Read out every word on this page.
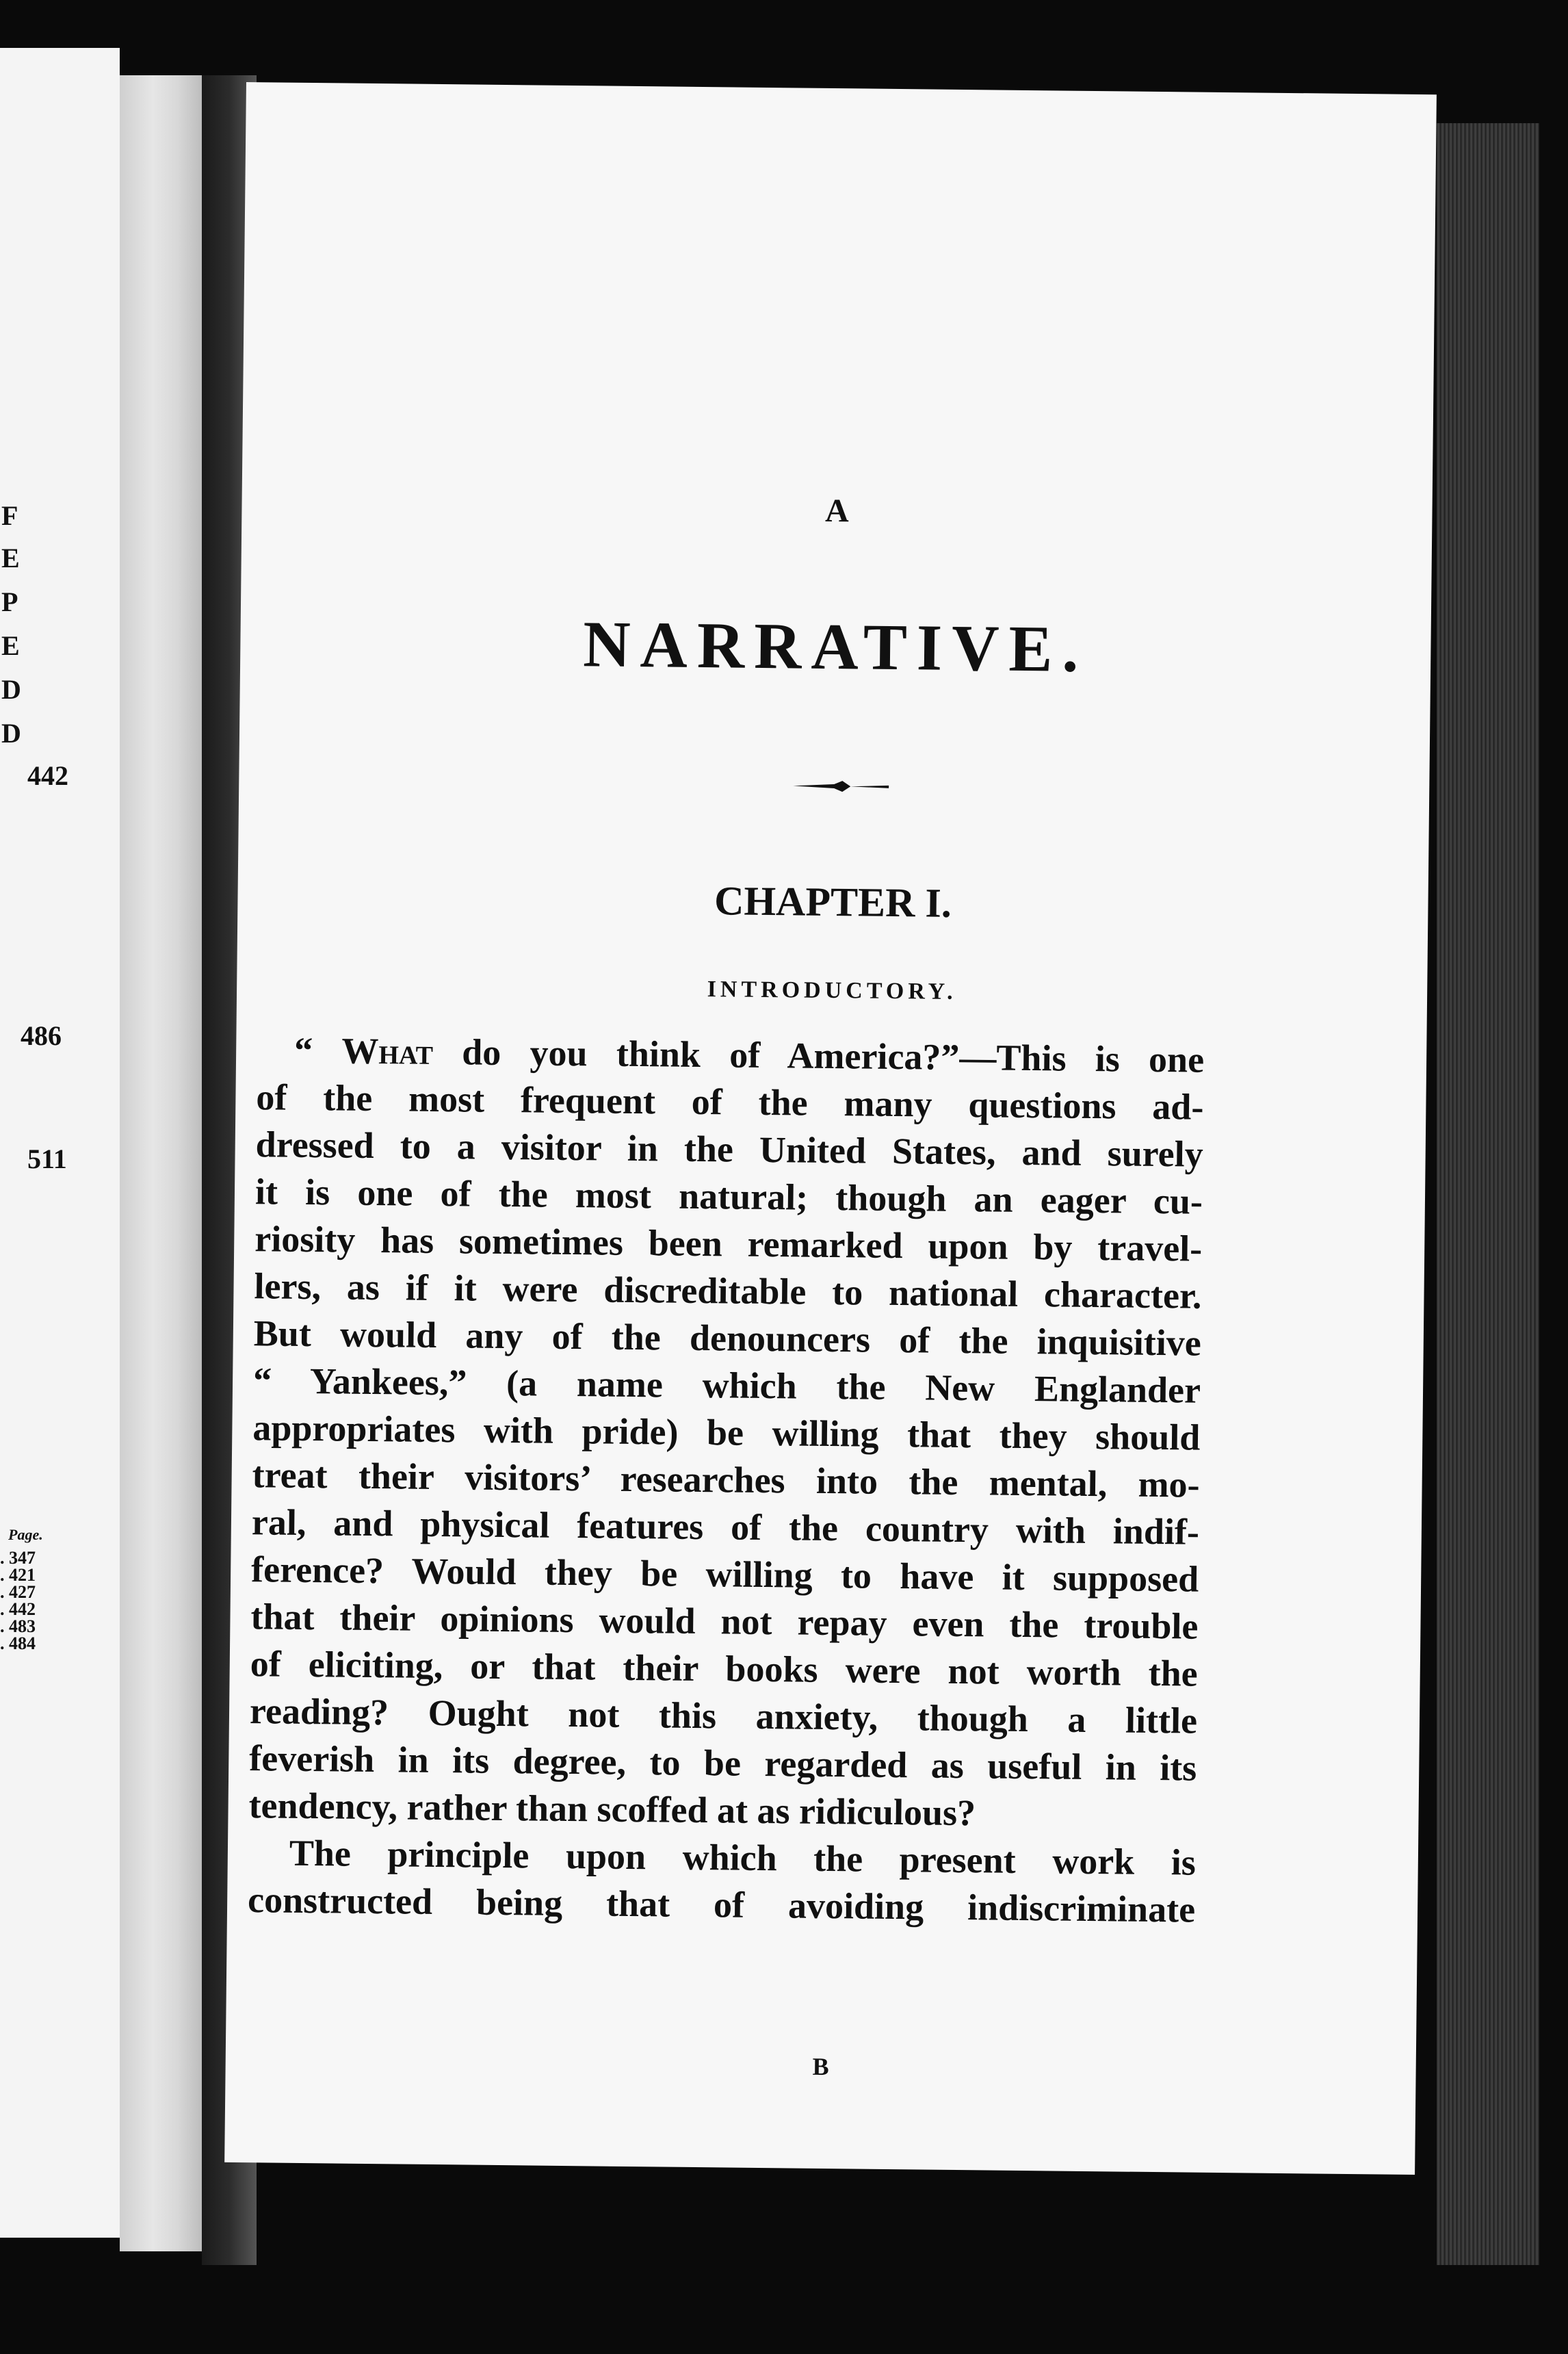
F
E
P
E
D
D
442
486
511
Page.
. 347
. 421
. 427
. 442
. 483
. 484
A
NARRATIVE.
CHAPTER I.
INTRODUCTORY.
“ What do you think of America?”—This is one
of the most frequent of the many questions ad-
dressed to a visitor in the United States, and surely
it is one of the most natural; though an eager cu-
riosity has sometimes been remarked upon by travel-
lers, as if it were discreditable to national character.
But would any of the denouncers of the inquisitive
“ Yankees,” (a name which the New Englander
appropriates with pride) be willing that they should
treat their visitors’ researches into the mental, mo-
ral, and physical features of the country with indif-
ference? Would they be willing to have it supposed
that their opinions would not repay even the trouble
of eliciting, or that their books were not worth the
reading? Ought not this anxiety, though a little
feverish in its degree, to be regarded as useful in its
tendency, rather than scoffed at as ridiculous?
The principle upon which the present work is
constructed being that of avoiding indiscriminate
B
